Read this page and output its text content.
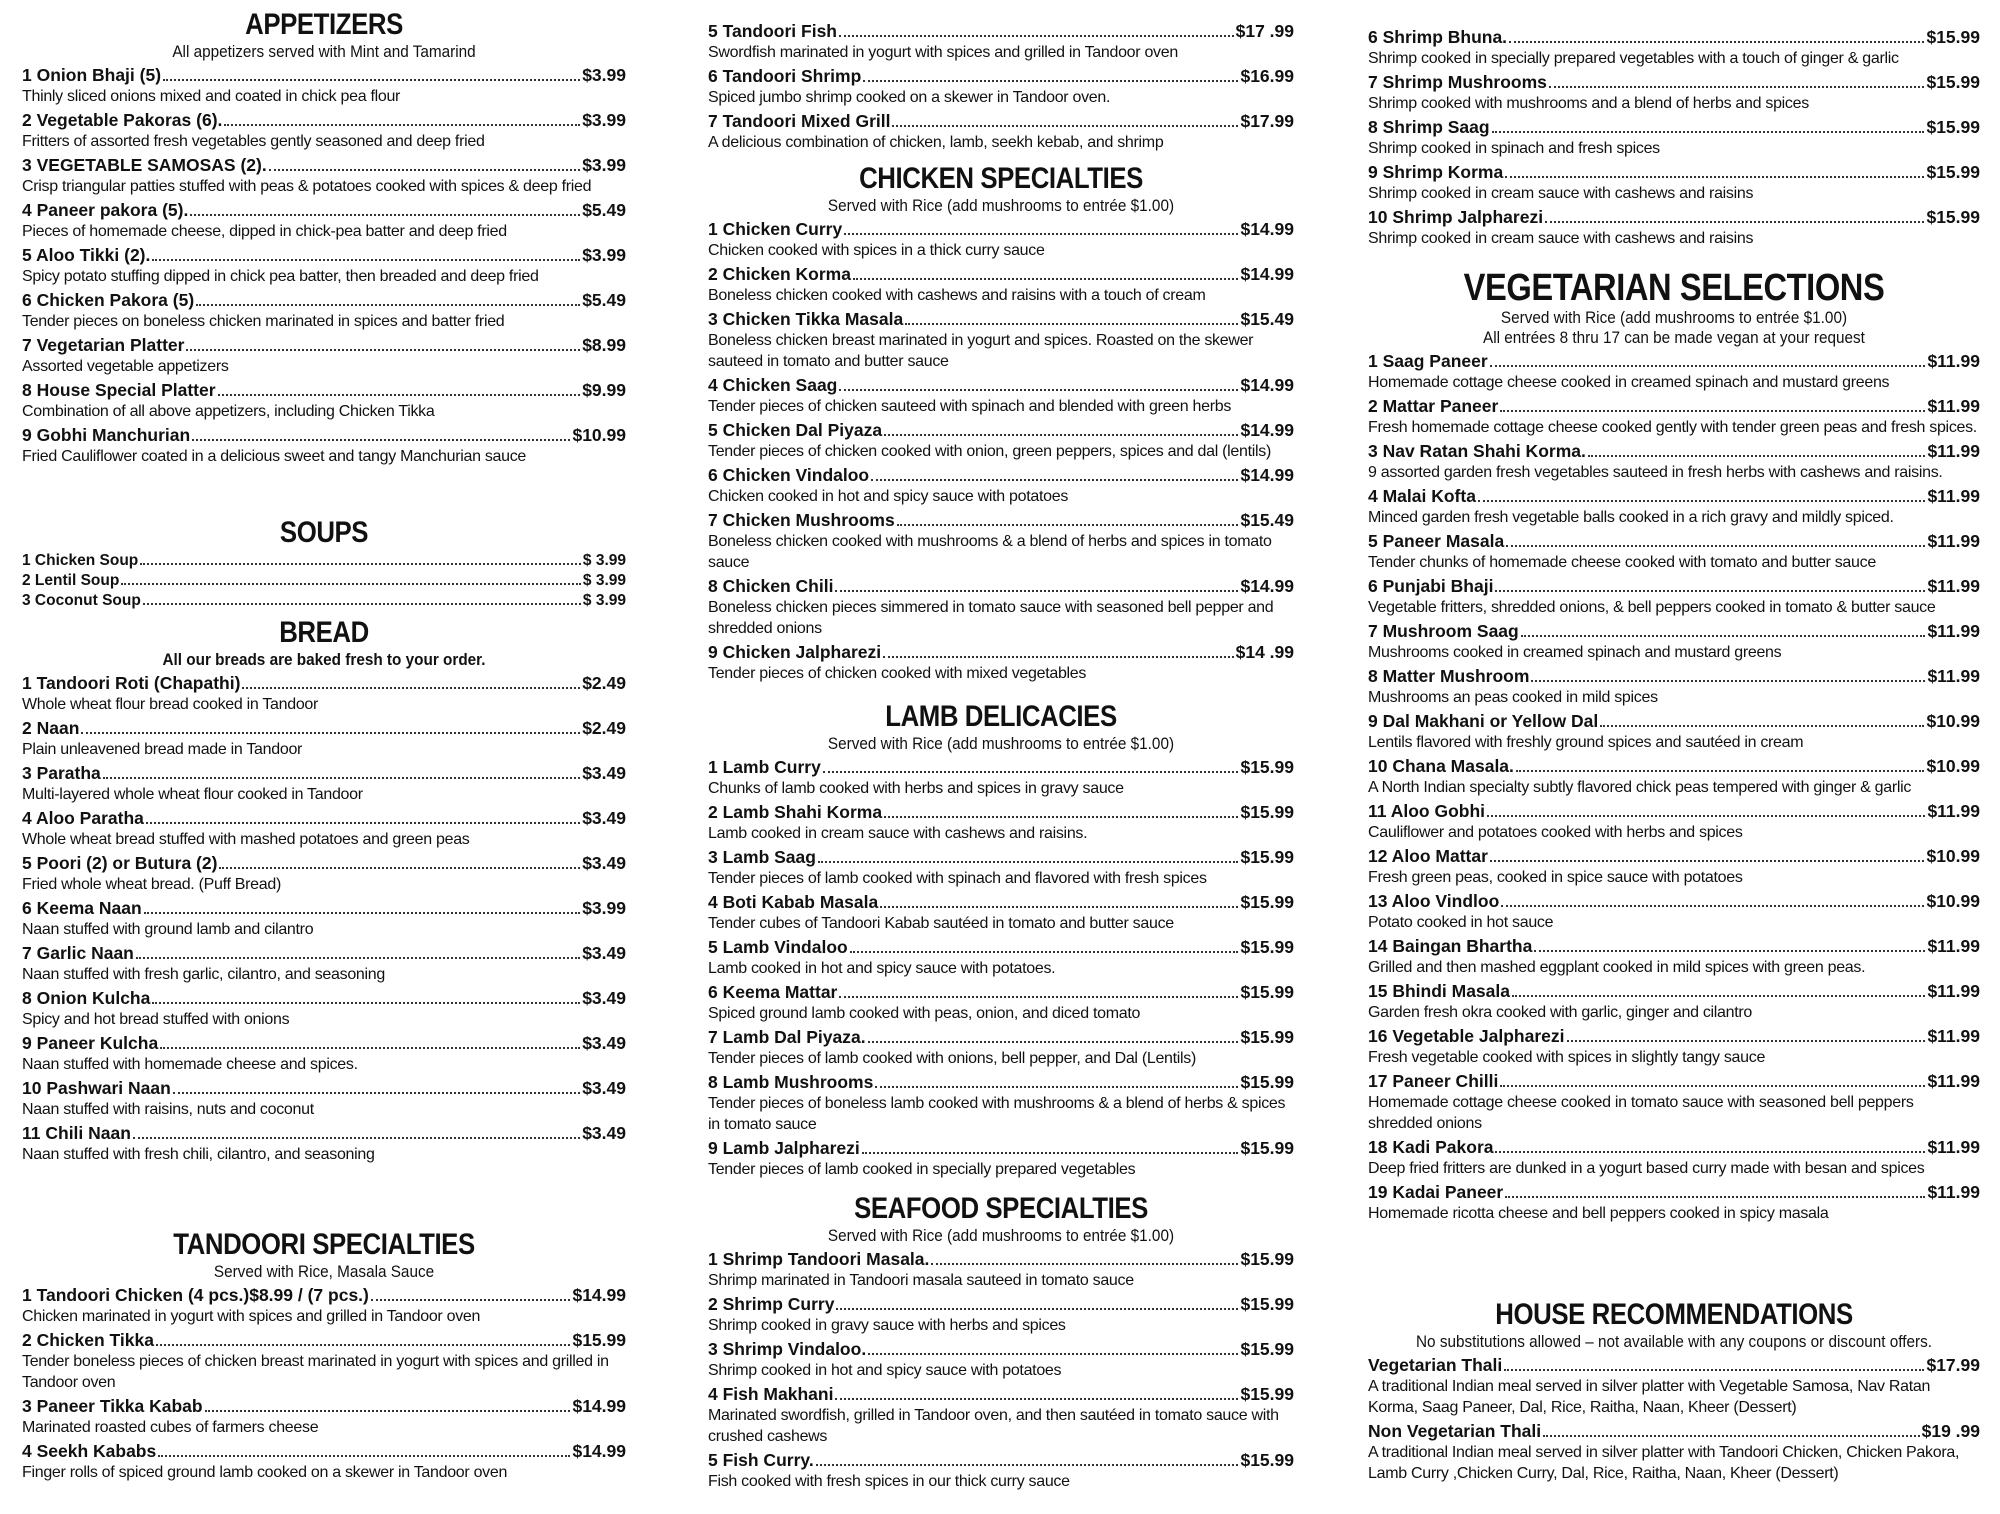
APPETIZERS
All appetizers served with Mint and Tamarind
1 Onion Bhaji (5)	$3.99
Thinly sliced onions mixed and coated in chick pea flour
2 Vegetable Pakoras (6).	$3.99
Fritters of assorted fresh vegetables gently seasoned and deep fried
3 VEGETABLE SAMOSAS (2).	$3.99
Crisp triangular patties stuffed with peas & potatoes cooked with spices & deep fried
4 Paneer pakora (5).	$5.49
Pieces of homemade cheese, dipped in chick-pea batter and deep fried
5 Aloo Tikki (2).	$3.99
Spicy potato stuffing dipped in chick pea batter, then breaded and deep fried
6 Chicken Pakora (5)	$5.49
Tender pieces on boneless chicken marinated in spices and batter fried
7 Vegetarian Platter	$8.99
Assorted vegetable appetizers
8 House Special Platter	$9.99
Combination of all above appetizers, including Chicken Tikka
9 Gobhi Manchurian	$10.99
Fried Cauliflower coated in a delicious sweet and tangy Manchurian sauce
SOUPS
1 Chicken Soup	$ 3.99
2 Lentil Soup	$ 3.99
3 Coconut Soup	$ 3.99
BREAD
All our breads are baked fresh to your order.
1 Tandoori Roti (Chapathi)	$2.49
Whole wheat flour bread cooked in Tandoor
2 Naan	$2.49
Plain unleavened bread made in Tandoor
3 Paratha	$3.49
Multi-layered whole wheat flour cooked in Tandoor
4 Aloo Paratha	$3.49
Whole wheat bread stuffed with mashed potatoes and green peas
5 Poori (2) or Butura (2)	$3.49
Fried whole wheat bread. (Puff Bread)
6 Keema Naan	$3.99
Naan stuffed with ground lamb and cilantro
7 Garlic Naan	$3.49
Naan stuffed with fresh garlic, cilantro, and seasoning
8 Onion Kulcha	$3.49
Spicy and hot bread stuffed with onions
9 Paneer Kulcha	$3.49
Naan stuffed with homemade cheese and spices.
10 Pashwari Naan	$3.49
Naan stuffed with raisins, nuts and coconut
11 Chili Naan	$3.49
Naan stuffed with fresh chili, cilantro, and seasoning
TANDOORI SPECIALTIES
Served with Rice, Masala Sauce
1 Tandoori Chicken (4 pcs.)$8.99 / (7 pcs.)	$14.99
Chicken marinated in yogurt with spices and grilled in Tandoor oven
2 Chicken Tikka	$15.99
Tender boneless pieces of chicken breast marinated in yogurt with spices and grilled in Tandoor oven
3 Paneer Tikka Kabab	$14.99
Marinated roasted cubes of farmers cheese
4 Seekh Kababs	$14.99
Finger rolls of spiced ground lamb cooked on a skewer in Tandoor oven
5 Tandoori Fish	$17 .99
Swordfish marinated in yogurt with spices and grilled in Tandoor oven
6 Tandoori Shrimp	$16.99
Spiced jumbo shrimp cooked on a skewer in Tandoor oven.
7 Tandoori Mixed Grill	$17.99
A delicious combination of chicken, lamb, seekh kebab, and shrimp
CHICKEN SPECIALTIES
Served with Rice (add mushrooms to entrée $1.00)
1 Chicken Curry	$14.99
Chicken cooked with spices in a thick curry sauce
2 Chicken Korma	$14.99
Boneless chicken cooked with cashews and raisins with a touch of cream
3 Chicken Tikka Masala	$15.49
Boneless chicken breast marinated in yogurt and spices. Roasted on the skewer sauteed in tomato and butter sauce
4 Chicken Saag	$14.99
Tender pieces of chicken sauteed with spinach and blended with green herbs
5 Chicken Dal Piyaza	$14.99
Tender pieces of chicken cooked with onion, green peppers, spices and dal (lentils)
6 Chicken Vindaloo	$14.99
Chicken cooked in hot and spicy sauce with potatoes
7 Chicken Mushrooms	$15.49
Boneless chicken cooked with mushrooms & a blend of herbs and spices in tomato sauce
8 Chicken Chili	$14.99
Boneless chicken pieces simmered in tomato sauce with seasoned bell pepper and shredded onions
9 Chicken Jalpharezi	$14 .99
Tender pieces of chicken cooked with mixed vegetables
LAMB DELICACIES
Served with Rice (add mushrooms to entrée $1.00)
1 Lamb Curry	$15.99
Chunks of lamb cooked with herbs and spices in gravy sauce
2 Lamb Shahi Korma	$15.99
Lamb cooked in cream sauce with cashews and raisins.
3 Lamb Saag	$15.99
Tender pieces of lamb cooked with spinach and flavored with fresh spices
4 Boti Kabab Masala	$15.99
Tender cubes of Tandoori Kabab sautéed in tomato and butter sauce
5 Lamb Vindaloo	$15.99
Lamb cooked in hot and spicy sauce with potatoes.
6 Keema Mattar	$15.99
Spiced ground lamb cooked with peas, onion, and diced tomato
7 Lamb Dal Piyaza.	$15.99
Tender pieces of lamb cooked with onions, bell pepper, and Dal (Lentils)
8 Lamb Mushrooms	$15.99
Tender pieces of boneless lamb cooked with mushrooms & a blend of herbs & spices in tomato sauce
9 Lamb Jalpharezi	$15.99
Tender pieces of lamb cooked in specially prepared vegetables
SEAFOOD SPECIALTIES
Served with Rice (add mushrooms to entrée $1.00)
1 Shrimp Tandoori Masala.	$15.99
Shrimp marinated in Tandoori masala sauteed in tomato sauce
2 Shrimp Curry	$15.99
Shrimp cooked in gravy sauce with herbs and spices
3 Shrimp Vindaloo.	$15.99
Shrimp cooked in hot and spicy sauce with potatoes
4 Fish Makhani	$15.99
Marinated swordfish, grilled in Tandoor oven, and then sautéed in tomato sauce with crushed cashews
5 Fish Curry.	$15.99
Fish cooked with fresh spices in our thick curry sauce
6 Shrimp Bhuna.	$15.99
Shrimp cooked in specially prepared vegetables with a touch of ginger & garlic
7 Shrimp Mushrooms	$15.99
Shrimp cooked with mushrooms and a blend of herbs and spices
8 Shrimp Saag	$15.99
Shrimp cooked in spinach and fresh spices
9 Shrimp Korma	$15.99
Shrimp cooked in cream sauce with cashews and raisins
10 Shrimp Jalpharezi	$15.99
Shrimp cooked in cream sauce with cashews and raisins
VEGETARIAN SELECTIONS
Served with Rice (add mushrooms to entrée $1.00)
All entrées 8 thru 17 can be made vegan at your request
1 Saag Paneer	$11.99
Homemade cottage cheese cooked in creamed spinach and mustard greens
2 Mattar Paneer	$11.99
Fresh homemade cottage cheese cooked gently with tender green peas and fresh spices.
3 Nav Ratan Shahi Korma.	$11.99
9 assorted garden fresh vegetables sauteed in fresh herbs with cashews and raisins.
4 Malai Kofta	$11.99
Minced garden fresh vegetable balls cooked in a rich gravy and mildly spiced.
5 Paneer Masala	$11.99
Tender chunks of homemade cheese cooked with tomato and butter sauce
6 Punjabi Bhaji	$11.99
Vegetable fritters, shredded onions, & bell peppers cooked in tomato & butter sauce
7 Mushroom Saag	$11.99
Mushrooms cooked in creamed spinach and mustard greens
8 Matter Mushroom	$11.99
Mushrooms an peas cooked in mild spices
9 Dal Makhani or Yellow Dal	$10.99
Lentils flavored with freshly ground spices and sautéed in cream
10 Chana Masala.	$10.99
A North Indian specialty subtly flavored chick peas tempered with ginger & garlic
11 Aloo Gobhi	$11.99
Cauliflower and potatoes cooked with herbs and spices
12 Aloo Mattar	$10.99
Fresh green peas, cooked in spice sauce with potatoes
13 Aloo Vindloo	$10.99
Potato cooked in hot sauce
14 Baingan Bhartha	$11.99
Grilled and then mashed eggplant cooked in mild spices with green peas.
15 Bhindi Masala	$11.99
Garden fresh okra cooked with garlic, ginger and cilantro
16 Vegetable Jalpharezi	$11.99
Fresh vegetable cooked with spices in slightly tangy sauce
17 Paneer Chilli	$11.99
Homemade cottage cheese cooked in tomato sauce with seasoned bell peppers shredded onions
18 Kadi Pakora	$11.99
Deep fried fritters are dunked in a yogurt based curry made with besan and spices
19 Kadai Paneer	$11.99
Homemade ricotta cheese and bell peppers cooked in spicy masala
HOUSE RECOMMENDATIONS
No substitutions allowed – not available with any coupons or discount offers.
Vegetarian Thali	$17.99
A traditional Indian meal served in silver platter with Vegetable Samosa, Nav Ratan Korma, Saag Paneer, Dal, Rice, Raitha, Naan, Kheer (Dessert)
Non Vegetarian Thali	$19 .99
A traditional Indian meal served in silver platter with Tandoori Chicken, Chicken Pakora, Lamb Curry ,Chicken Curry, Dal, Rice, Raitha, Naan, Kheer (Dessert)
